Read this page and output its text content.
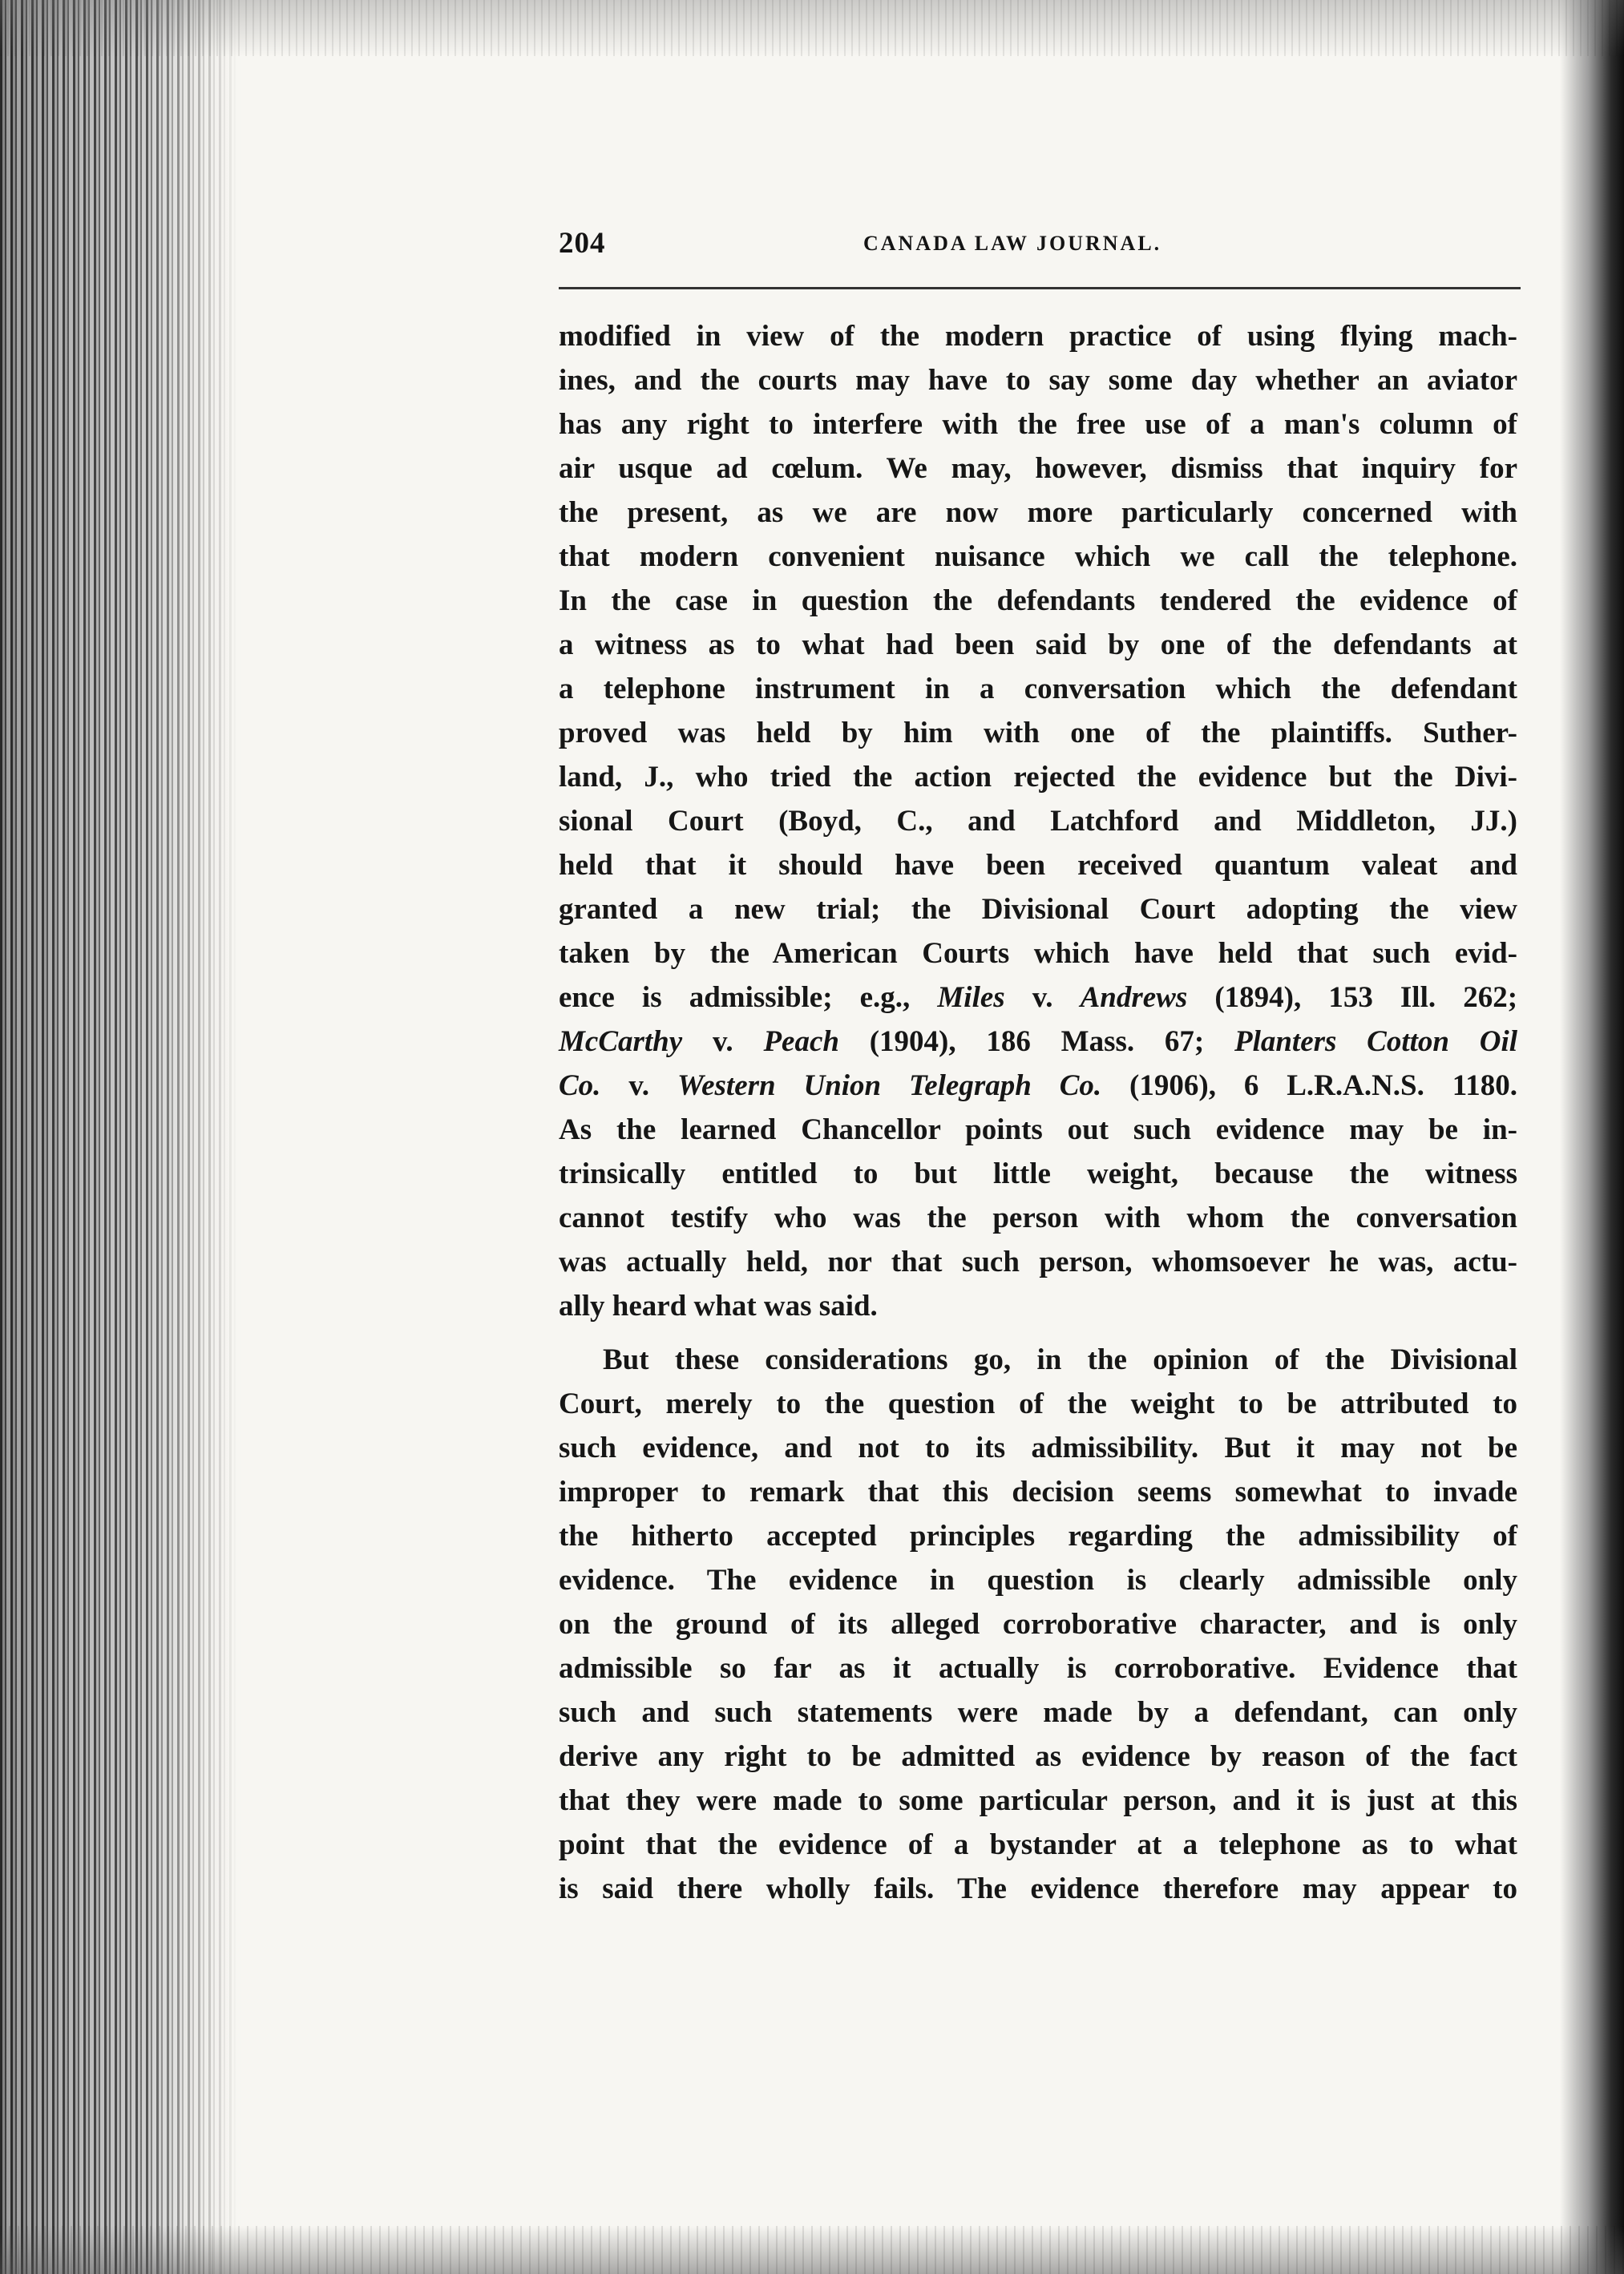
204	CANADA LAW JOURNAL.
modified in view of the modern practice of using flying mach-
ines, and the courts may have to say some day whether an aviator
has any right to interfere with the free use of a man's column of
air usque ad cœlum. We may, however, dismiss that inquiry for
the present, as we are now more particularly concerned with
that modern convenient nuisance which we call the telephone.
In the case in question the defendants tendered the evidence of
a witness as to what had been said by one of the defendants at
a telephone instrument in a conversation which the defendant
proved was held by him with one of the plaintiffs. Suther-
land, J., who tried the action rejected the evidence but the Divi-
sional Court (Boyd, C., and Latchford and Middleton, JJ.)
held that it should have been received quantum valeat and
granted a new trial; the Divisional Court adopting the view
taken by the American Courts which have held that such evid-
ence is admissible; e.g., Miles v. Andrews (1894), 153 Ill. 262;
McCarthy v. Peach (1904), 186 Mass. 67; Planters Cotton Oil
Co. v. Western Union Telegraph Co. (1906), 6 L.R.A.N.S. 1180.
As the learned Chancellor points out such evidence may be in-
trinsically entitled to but little weight, because the witness
cannot testify who was the person with whom the conversation
was actually held, nor that such person, whomsoever he was, actu-
ally heard what was said.
But these considerations go, in the opinion of the Divisional
Court, merely to the question of the weight to be attributed to
such evidence, and not to its admissibility. But it may not be
improper to remark that this decision seems somewhat to invade
the hitherto accepted principles regarding the admissibility of
evidence. The evidence in question is clearly admissible only
on the ground of its alleged corroborative character, and is only
admissible so far as it actually is corroborative. Evidence that
such and such statements were made by a defendant, can only
derive any right to be admitted as evidence by reason of the fact
that they were made to some particular person, and it is just at this
point that the evidence of a bystander at a telephone as to what
is said there wholly fails. The evidence therefore may appear to
